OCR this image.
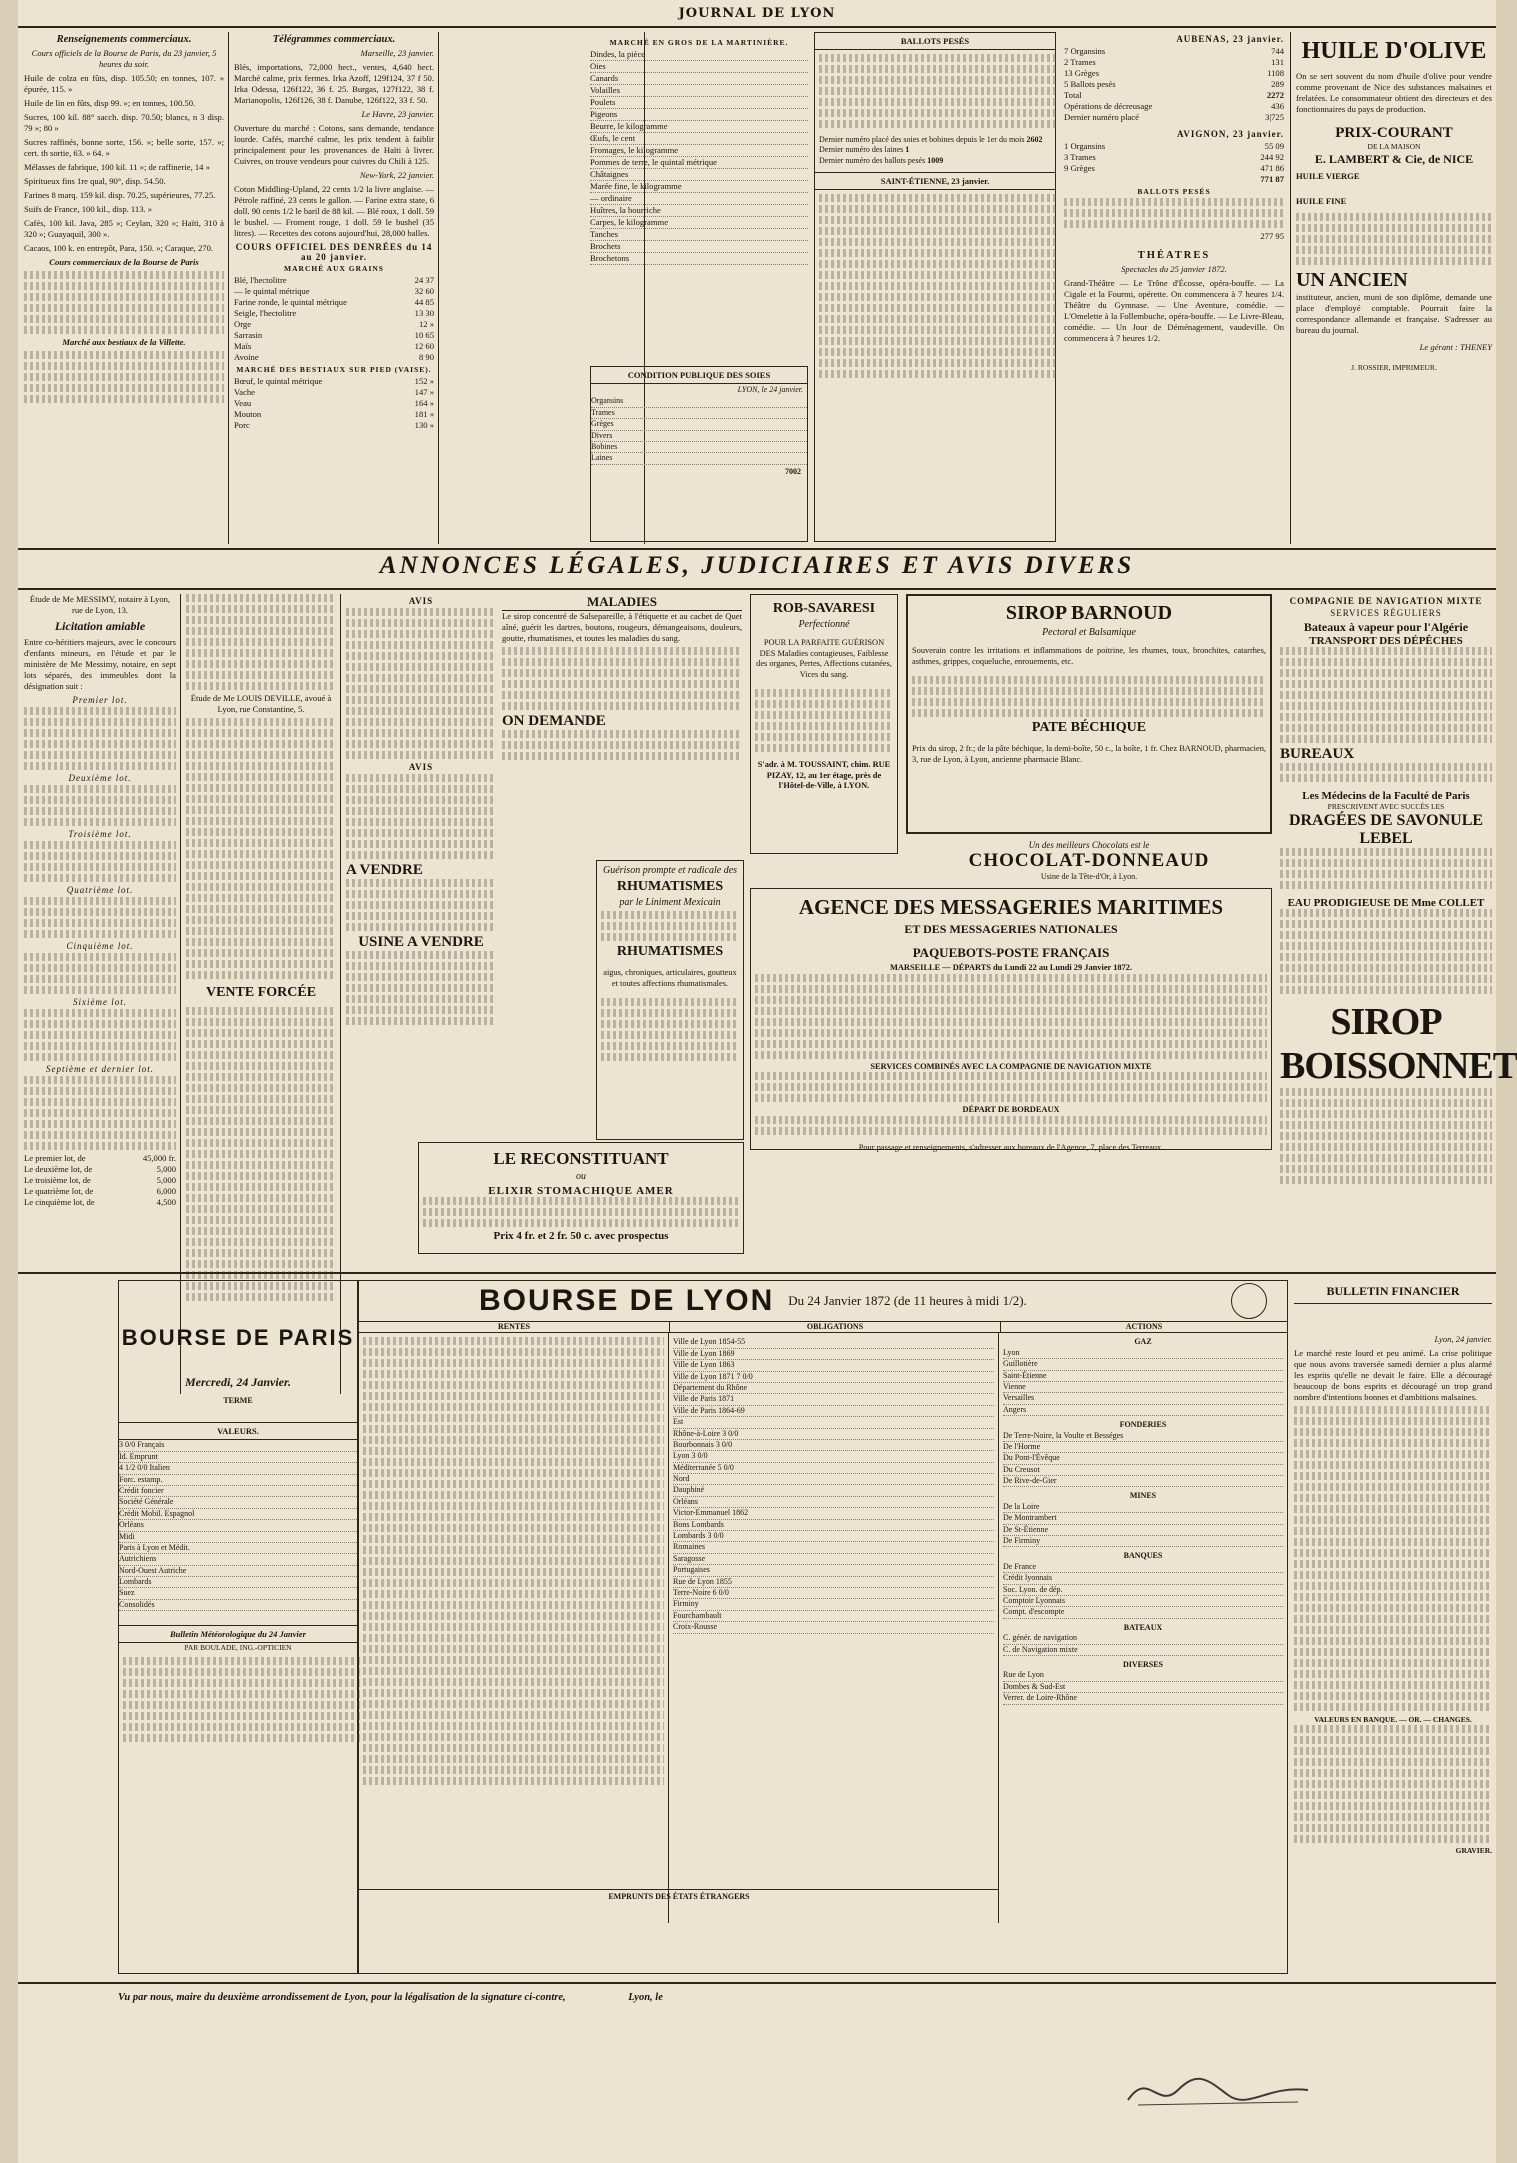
JOURNAL DE LYON
Renseignements commerciaux.

Cours officiels de la Bourse de Paris, du 23 janvier, 5 heures du soir.

Huile de colza en fûts, disp. 105.50; en tonnes, 107. » épurée, 115. »

Huile de lin en fûts, disp 99. »; en tonnes, 100.50.

Sucres, 100 kil. 88° sacch. disp. 70.50; blancs, n 3 disp. 79 »; 80 »

Sucres raffinés, bonne sorte, 156. »; belle sorte, 157. »; cert. th sortie, 63. » 64. »

Mélasses de fabrique, 100 kil. 11 »; de raffinerie, 14 »

Spiritueux fins 1re qual, 90°, disp. 54.50.

Farines 8 marq. 159 kil. disp. 70.25, supérieures, 77.25.

Suifs de France, 100 kil., disp. 113. »

Cafés, 100 kil. Java, 285 »; Ceylan, 320 »; Haïti, 310 à 320 »; Guayaquil, 300 ».

Cacaos, 100 k. en entrepôt, Para, 150. »; Caraque, 270.

Cours commerciaux de la Bourse de Paris

Marché aux bestiaux de la Villette.

Télégrammes commerciaux.

Marseille, 23 janvier.

Blés, importations, 72,000 hect., ventes, 4,640 hect. Marché calme, prix fermes. Irka Azoff, 129f124, 37 f 50. Irka Odessa, 126f122, 36 f. 25. Burgas, 127f122, 38 f. Marianopolis, 126f126, 38 f. Danube, 126f122, 33 f. 50.

Le Havre, 23 janvier.

Ouverture du marché : Cotons, sans demande, tendance lourde. Cafés, marché calme, les prix tendent à faiblir principalement pour les provenances de Haïti à livrer. Cuivres, on trouve vendeurs pour cuivres du Chili à 125.

New-York, 22 janvier.

Coton Middling-Upland, 22 cents 1/2 la livre anglaise. — Pétrole raffiné, 23 cents le gallon. — Farine extra state, 6 doll. 90 cents 1/2 le baril de 88 kil. — Blé roux, 1 doll. 59 le bushel. — Froment rouge, 1 doll. 59 le bushel (35 litres). — Recettes des cotons aujourd'hui, 28,000 balles.

COURS OFFICIEL DES DENRÉES du 14 au 20 janvier.
MARCHÉ AUX GRAINS
Blé, l'hectolitre	24 37
— le quintal métrique	32 60
Farine ronde, le quintal métrique	44 85
Seigle, l'hectolitre	13 30
Orge	12 »
Sarrasin	10 65
Maïs	12 60
Avoine	8 90
MARCHÉ DES BESTIAUX SUR PIED (VAISE).
Bœuf, le quintal métrique	152 »
Vache	147 »
Veau	164 »
Mouton	181 »
Porc	130 »
MARCHÉ EN GROS DE LA MARTINIÈRE.
Dindes, la pièce
Oies
Canards
Volailles
Poulets
Pigeons
Beurre, le kilogramme
Œufs, le cent
Fromages, le kilogramme
Pommes de terre, le quintal métrique
Châtaignes
Marée fine, le kilogramme
— ordinaire
Huîtres, la bourriche
Carpes, le kilogramme
Tanches
Brochets
Brochetons
CONDITION PUBLIQUE DES SOIES
LYON, le 24 janvier.
Organsins
Trames
Grèges
Divers
Bobines
Laines
7002
BALLOTS PESÉS
Dernier numéro placé des soies et bobines depuis le 1er du mois 2602
Dernier numéro des laines 1
Dernier numéro des ballots pesés 1009
SAINT-ÉTIENNE, 23 janvier.
AUBENAS, 23 janvier.
7 Organsins	744
2 Trames	131
13 Grèges	1108
5 Ballots pesés	289
Total	2272
Opérations de décreusage	436
Dernier numéro placé	3|725
AVIGNON, 23 janvier.
1 Organsins	55 09
3 Trames	244 92
9 Grèges	471 86
771 87
BALLOTS PESÉS
277 95
THÉATRES

Spectacles du 25 janvier 1872.

Grand-Théâtre — Le Trône d'Écosse, opéra-bouffe. — La Cigale et la Fourmi, opérette. On commencera à 7 heures 1/4. Théâtre du Gymnase. — Une Aventure, comédie. — L'Omelette à la Follembuche, opéra-bouffe. — Le Livre-Bleau, comédie. — Un Jour de Déménagement, vaudeville. On commencera à 7 heures 1/2.

HUILE D'OLIVE

On se sert souvent du nom d'huile d'olive pour vendre comme provenant de Nice des substances malsaines et frelatées. Le consommateur obtient des directeurs et des fonctionnaires du pays de production.

PRIX-COURANT
DE LA MAISON
E. LAMBERT & Cie, de NICE
HUILE VIERGE
HUILE FINE
UN ANCIEN

instituteur, ancien, muni de son diplôme, demande une place d'employé comptable. Pourrait faire la correspondance allemande et française. S'adresser au bureau du journal.

Le gérant : THENEY
J. ROSSIER, IMPRIMEUR.
ANNONCES LÉGALES, JUDICIAIRES ET AVIS DIVERS

Étude de Me MESSIMY, notaire à Lyon, rue de Lyon, 13.

Licitation amiable

Entre co-héritiers majeurs, avec le concours d'enfants mineurs, en l'étude et par le ministère de Me Messimy, notaire, en sept lots séparés, des immeubles dont la désignation suit :

Premier lot.
Deuxième lot.
Troisième lot.
Quatrième lot.
Cinquième lot.
Sixième lot.
Septième et dernier lot.
Le premier lot, de	45,000 fr.
Le deuxième lot, de	5,000
Le troisième lot, de	5,000
Le quatrième lot, de	6,000
Le cinquième lot, de	4,500

Étude de Me LOUIS DEVILLE, avoué à Lyon, rue Constantine, 5.

VENTE FORCÉE
AVIS
AVIS
A VENDRE
USINE A VENDRE
MALADIES

Le sirop concentré de Salsepareille, à l'étiquette et au cachet de Quet aîné, guérit les dartres, boutons, rougeurs, démangeaisons, douleurs, goutte, rhumatismes, et toutes les maladies du sang.

ON DEMANDE
Guérison prompte et radicale des
RHUMATISMES
par le Liniment Mexicain
RHUMATISMES

aigus, chroniques, articulaires, goutteux et toutes affections rhumatismales.

ROB-SAVARESI
Perfectionné

POUR LA PARFAITE GUÉRISON DES Maladies contagieuses, Faiblesse des organes, Pertes, Affections cutanées, Vices du sang.

S'adr. à M. TOUSSAINT, chim. RUE PIZAY, 12, au 1er étage, près de l'Hôtel-de-Ville, à LYON.

SIROP BARNOUD
Pectoral et Balsamique

Souverain contre les irritations et inflammations de poitrine, les rhumes, toux, bronchites, catarrhes, asthmes, grippes, coqueluche, enrouements, etc.

PATE BÉCHIQUE

Prix du sirop, 2 fr.; de la pâte béchique, la demi-boîte, 50 c., la boîte, 1 fr. Chez BARNOUD, pharmacien, 3, rue de Lyon, à Lyon, ancienne pharmacie Blanc.

Un des meilleurs Chocolats est le
CHOCOLAT-DONNEAUD
Usine de la Tête-d'Or, à Lyon.
AGENCE DES MESSAGERIES MARITIMES
ET DES MESSAGERIES NATIONALES
PAQUEBOTS-POSTE FRANÇAIS
MARSEILLE — DÉPARTS du Lundi 22 au Lundi 29 Janvier 1872.
SERVICES COMBINÉS AVEC LA COMPAGNIE DE NAVIGATION MIXTE
DÉPART DE BORDEAUX

Pour passage et renseignements, s'adresser aux bureaux de l'Agence, 7, place des Terreaux.

LE RECONSTITUANT
ou
ELIXIR STOMACHIQUE AMER
Prix 4 fr. et 2 fr. 50 c. avec prospectus
COMPAGNIE DE NAVIGATION MIXTE
SERVICES RÉGULIERS
Bateaux à vapeur pour l'Algérie
TRANSPORT DES DÉPÊCHES
BUREAUX
Les Médecins de la Faculté de Paris
PRESCRIVENT AVEC SUCCÈS LES
DRAGÉES DE SAVONULE LEBEL
EAU PRODIGIEUSE DE Mme COLLET
SIROP BOISSONNET
BOURSE DE PARIS
Mercredi, 24 Janvier.
TERME
VALEURS.
3 0/0 Français
Id. Emprunt
4 1/2 0/0 Italien
Forc. estamp.
Crédit foncier
Société Générale
Crédit Mobil. Espagnol
Orléans
Midi
Paris à Lyon et Médit.
Autrichiens
Nord-Ouest Autriche
Lombards
Suez
Consolidés
Bulletin Météorologique du 24 Janvier
PAR BOULADE, ING.-OPTICIEN
BOURSE DE LYON Du 24 Janvier 1872 (de 11 heures à midi 1/2).
RENTES	OBLIGATIONS	ACTIONS
Ville de Lyon 1854-55
Ville de Lyon 1869
Ville de Lyon 1863
Ville de Lyon 1871 7 0/0
Département du Rhône
Ville de Paris 1871
Ville de Paris 1864-69
Est
Rhône-à-Loire 3 0/0
Bourbonnais 3 0/0
Lyon 3 0/0
Méditerranée 5 0/0
Nord
Dauphiné
Orléans
Victor-Emmanuel 1862
Bons Lombards
Lombards 3 0/0
Romaines
Saragosse
Portugaises
Rue de Lyon 1855
Terre-Noire 6 0/0
Firminy
Fourchambault
Croix-Rousse
GAZ
Lyon
Guillotière
Saint-Étienne
Vienne
Versailles
Angers
FONDERIES
De Terre-Noire, la Voulte et Bességes
De l'Horme
Du Pont-l'Évêque
Du Creusot
De Rive-de-Gier
MINES
De la Loire
De Montrambert
De St-Étienne
De Firminy
BANQUES
De France
Crédit lyonnais
Soc. Lyon. de dép.
Comptoir Lyonnais
Compt. d'escompte
BATEAUX
C. génér. de navigation
C. de Navigation mixte
DIVERSES
Rue de Lyon
Dombes & Sud-Est
Verrer. de Loire-Rhône
EMPRUNTS DES ÉTATS ÉTRANGERS
BULLETIN FINANCIER

Lyon, 24 janvier.

Le marché reste lourd et peu animé. La crise politique que nous avons traversée samedi dernier a plus alarmé les esprits qu'elle ne devait le faire. Elle a découragé beaucoup de bons esprits et découragé un trop grand nombre d'intentions bonnes et d'ambitions malsaines.

VALEURS EN BANQUE. — OR. — CHANGES.
GRAVIER.
Vu par nous, maire du deuxième arrondissement de Lyon, pour la légalisation de la signature ci-contre,	Lyon, le
